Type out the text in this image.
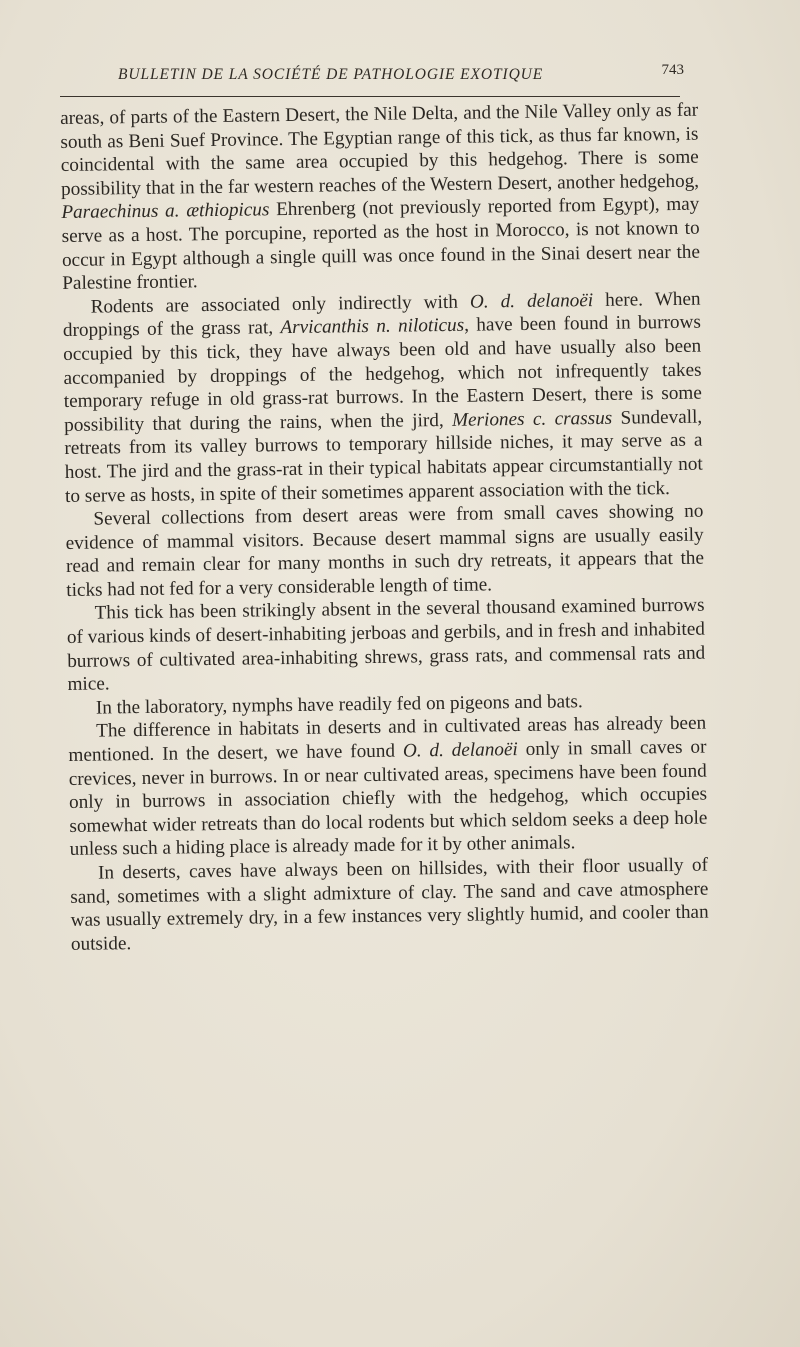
BULLETIN DE LA SOCIÉTÉ DE PATHOLOGIE EXOTIQUE	743

areas, of parts of the Eastern Desert, the Nile Delta, and the Nile Valley only as far south as Beni Suef Province. The Egyptian range of this tick, as thus far known, is coincidental with the same area occupied by this hedgehog. There is some possibility that in the far western reaches of the Western Desert, another hedgehog, Paraechinus a. æthiopicus Ehrenberg (not previously reported from Egypt), may serve as a host. The porcupine, reported as the host in Morocco, is not known to occur in Egypt although a single quill was once found in the Sinai desert near the Palestine frontier.

Rodents are associated only indirectly with O. d. delanoëi here. When droppings of the grass rat, Arvicanthis n. niloticus, have been found in burrows occupied by this tick, they have always been old and have usually also been accompanied by droppings of the hedgehog, which not infrequently takes temporary refuge in old grass-rat burrows. In the Eastern Desert, there is some possibility that during the rains, when the jird, Meriones c. crassus Sundevall, retreats from its valley burrows to temporary hillside niches, it may serve as a host. The jird and the grass-rat in their typical habitats appear circumstantially not to serve as hosts, in spite of their sometimes apparent association with the tick.

Several collections from desert areas were from small caves showing no evidence of mammal visitors. Because desert mammal signs are usually easily read and remain clear for many months in such dry retreats, it appears that the ticks had not fed for a very considerable length of time.

This tick has been strikingly absent in the several thousand examined burrows of various kinds of desert-inhabiting jerboas and gerbils, and in fresh and inhabited burrows of cultivated area-inhabiting shrews, grass rats, and commensal rats and mice.

In the laboratory, nymphs have readily fed on pigeons and bats.

The difference in habitats in deserts and in cultivated areas has already been mentioned. In the desert, we have found O. d. delanoëi only in small caves or crevices, never in burrows. In or near cultivated areas, specimens have been found only in burrows in association chiefly with the hedgehog, which occupies somewhat wider retreats than do local rodents but which seldom seeks a deep hole unless such a hiding place is already made for it by other animals.

In deserts, caves have always been on hillsides, with their floor usually of sand, sometimes with a slight admixture of clay. The sand and cave atmosphere was usually extremely dry, in a few instances very slightly humid, and cooler than outside.
